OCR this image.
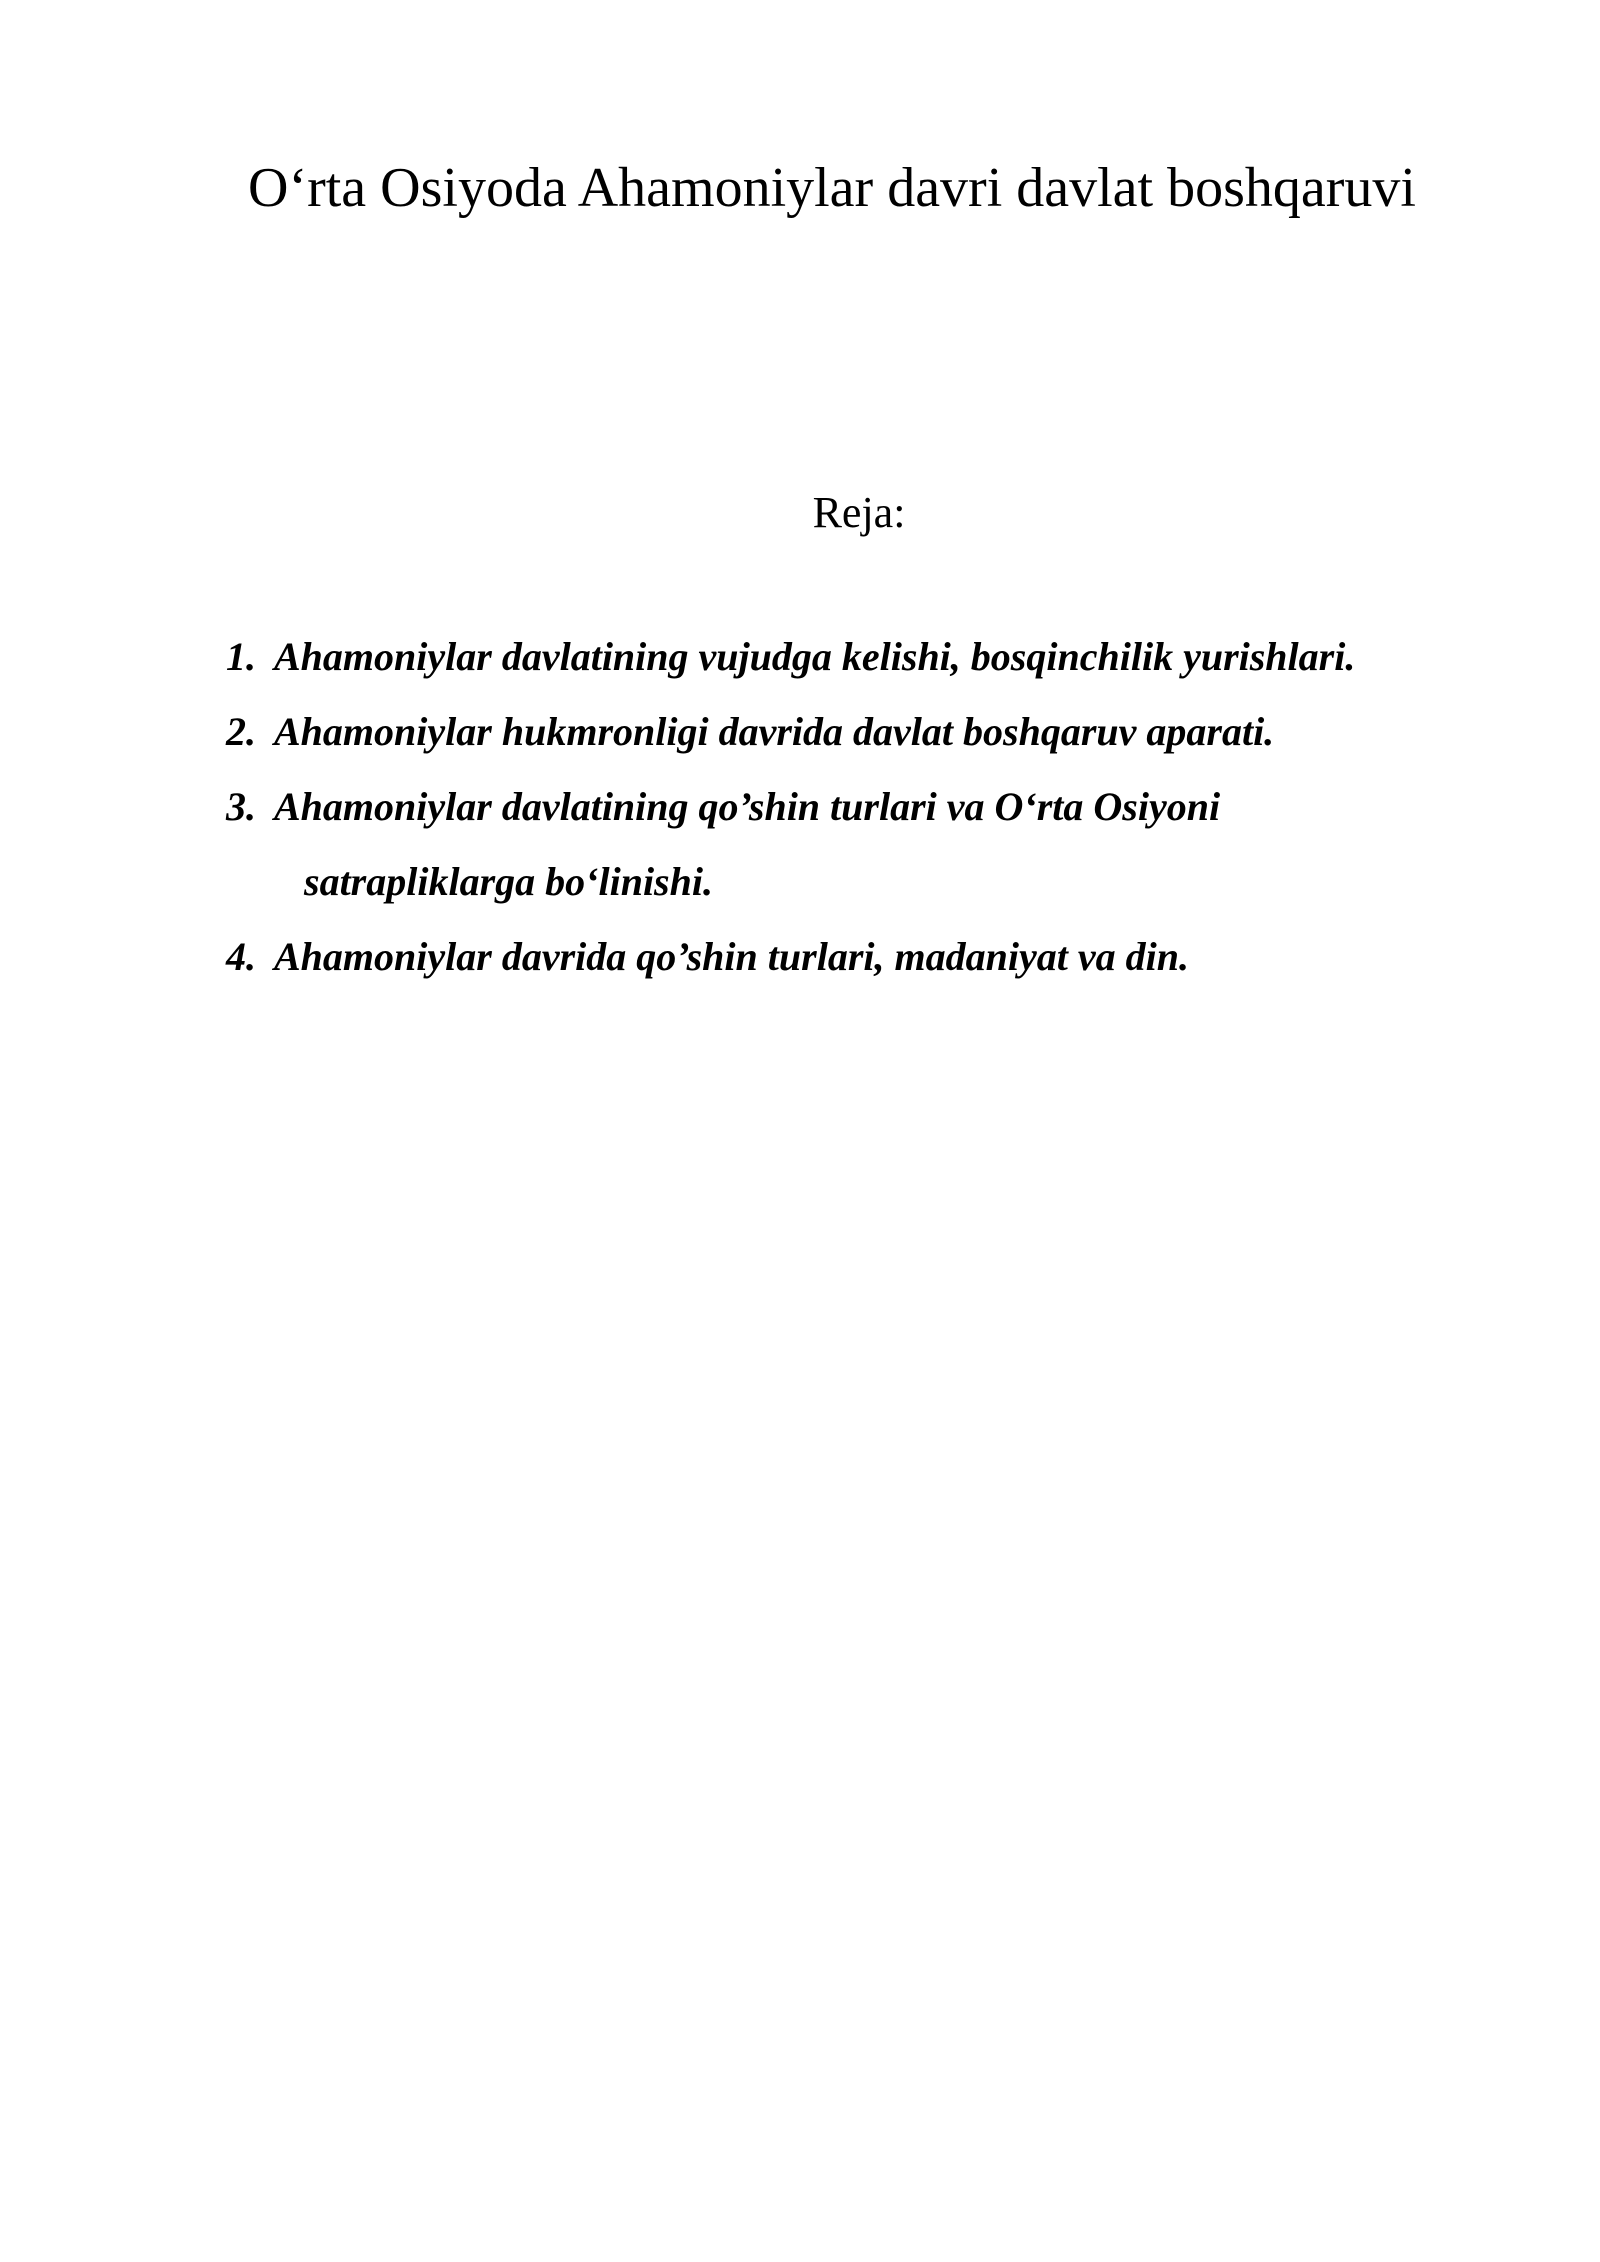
O‘rta Osiyoda Ahamoniylar davri davlat boshqaruvi
Reja:
1. Ahamoniylar davlatining vujudga kelishi, bosqinchilik yurishlari.
2. Ahamoniylar hukmronligi davrida davlat boshqaruv aparati.
3. Ahamoniylar davlatining qo’shin turlari va O‘rta Osiyoni
satrapliklarga bo‘linishi.
4. Ahamoniylar davrida qo’shin turlari, madaniyat va din.
